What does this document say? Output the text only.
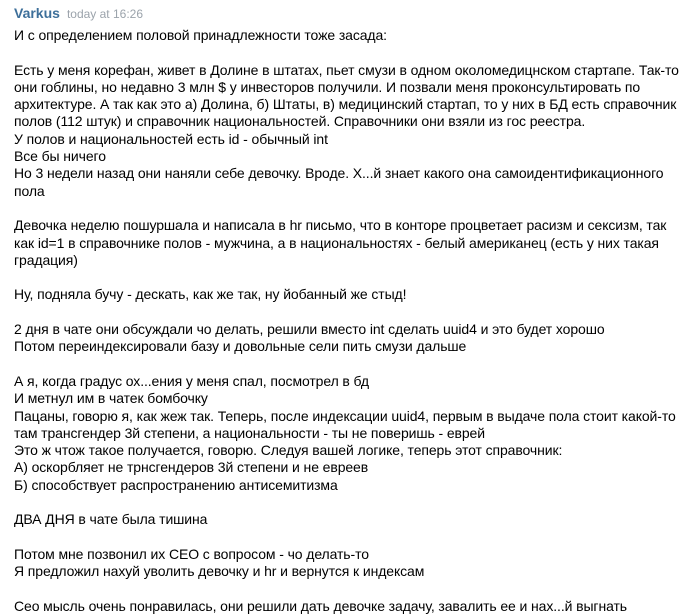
Varkus today at 16:26
И с определением половой принадлежности тоже засада:
Есть у меня корефан, живет в Долине в штатах, пьет смузи в одном околомедицнском стартапе. Так-то
они гоблины, но недавно 3 млн $ у инвесторов получили. И позвали меня проконсультировать по
архитектуре. А так как это а) Долина, б) Штаты, в) медицинский стартап, то у них в БД есть справочник
полов (112 штук) и справочник национальностей. Справочники они взяли из гос реестра.
У полов и национальностей есть id - обычный int
Все бы ничего
Но 3 недели назад они наняли себе девочку. Вроде. Х...й знает какого она самоидентификационного
пола
Девочка неделю пошуршала и написала в hr письмо, что в конторе процветает расизм и сексизм, так
как id=1 в справочнике полов - мужчина, а в национальностях - белый американец (есть у них такая
градация)
Ну, подняла бучу - дескать, как же так, ну йобанный же стыд!
2 дня в чате они обсуждали чо делать, решили вместо int сделать uuid4 и это будет хорошо
Потом переиндексировали базу и довольные сели пить смузи дальше
А я, когда градус ох...ения у меня спал, посмотрел в бд
И метнул им в чатек бомбочку
Пацаны, говорю я, как жеж так. Теперь, после индексации uuid4, первым в выдаче пола стоит какой-то
там трансгендер 3й степени, а национальности - ты не поверишь - еврей
Это ж чтож такое получается, говорю. Следуя вашей логике, теперь этот справочник:
А) оскорбляет не трнсгендеров 3й степени и не евреев
Б) способствует распространению антисемитизма
ДВА ДНЯ в чате была тишина
Потом мне позвонил их CEO с вопросом - чо делать-то
Я предложил нахуй уволить девочку и hr и вернутся к индексам
Сео мысль очень понравилась, они решили дать девочке задачу, завалить ее и нах...й выгнать
